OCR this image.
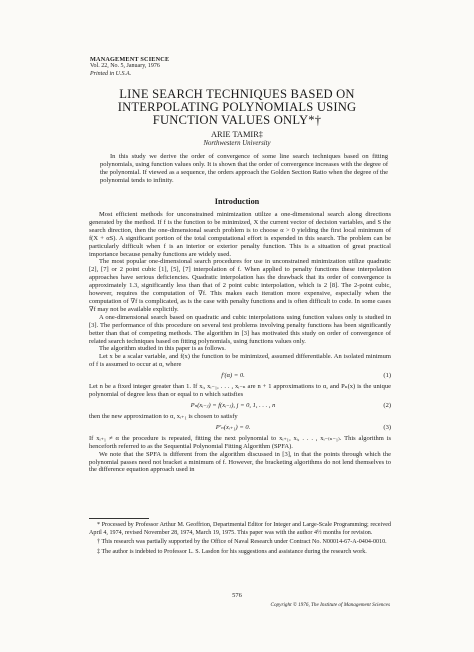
MANAGEMENT SCIENCE
Vol. 22, No. 5, January, 1976
Printed in U.S.A.
LINE SEARCH TECHNIQUES BASED ON
INTERPOLATING POLYNOMIALS USING
FUNCTION VALUES ONLY*†
ARIE TAMIR‡
Northwestern University
In this study we derive the order of convergence of some line search techniques based on fitting polynomials, using function values only. It is shown that the order of convergence increases with the degree of the polynomial. If viewed as a sequence, the orders approach the Golden Section Ratio when the degree of the polynomial tends to infinity.
Introduction

Most efficient methods for unconstrained minimization utilize a one-dimensional search along directions generated by the method. If f is the function to be minimized, X the current vector of decision variables, and S the search direction, then the one-dimensional search problem is to choose α > 0 yielding the first local minimum of f(X + αS). A significant portion of the total computational effort is expended in this search. The problem can be particularly difficult when f is an interior or exterior penalty function. This is a situation of great practical importance because penalty functions are widely used.

The most popular one-dimensional search procedures for use in unconstrained minimization utilize quadratic [2], [7] or 2 point cubic [1], [5], [7] interpolation of f. When applied to penalty functions these interpolation approaches have serious deficiencies. Quadratic interpolation has the drawback that its order of convergence is approximately 1.3, significantly less than that of 2 point cubic interpolation, which is 2 [8]. The 2-point cubic, however, requires the computation of ∇f. This makes each iteration more expensive, especially when the computation of ∇f is complicated, as is the case with penalty functions and is often difficult to code. In some cases ∇f may not be available explicitly.

A one-dimensional search based on quadratic and cubic interpolations using function values only is studied in [3]. The performance of this procedure on several test problems involving penalty functions has been significantly better than that of competing methods. The algorithm in [3] has motivated this study on order of convergence of related search techniques based on fitting polynomials, using functions values only.

The algorithm studied in this paper is as follows.

Let x be a scalar variable, and f(x) the function to be minimized, assumed differentiable. An isolated minimum of f is assumed to occur at α, where

f′(α) = 0.	(1)

Let n be a fixed integer greater than 1. If xᵢ, xᵢ₋₁, . . . , xᵢ₋ₙ are n + 1 approximations to α, and Pₙ(x) is the unique polynomial of degree less than or equal to n which satisfies

Pₙ(xᵢ₋ⱼ) = f(xᵢ₋ⱼ), j = 0, 1, . . . , n	(2)

then the new approximation to α, xᵢ₊₁ is chosen to satisfy

P′ₙ(xᵢ₊₁) = 0.	(3)

If xᵢ₊₁ ≠ α the procedure is repeated, fitting the next polynomial to xᵢ₊₁, xᵢ, . . . , xᵢ₋₍ₙ₋₁₎. This algorithm is henceforth referred to as the Sequential Polynomial Fitting Algorithm (SPFA).

We note that the SPFA is different from the algorithm discussed in [3], in that the points through which the polynomial passes need not bracket a minimum of f. However, the bracketing algorithms do not lend themselves to the difference equation approach used in

* Processed by Professor Arthur M. Geoffrion, Departmental Editor for Integer and Large-Scale Programming; received April 4, 1974, revised November 28, 1974, March 19, 1975. This paper was with the author 4½ months for revision.

† This research was partially supported by the Office of Naval Research under Contract No. N00014-67-A-0404-0010.

‡ The author is indebted to Professor L. S. Lasdon for his suggestions and assistance during the research work.

576
Copyright © 1976, The Institute of Management Sciences
